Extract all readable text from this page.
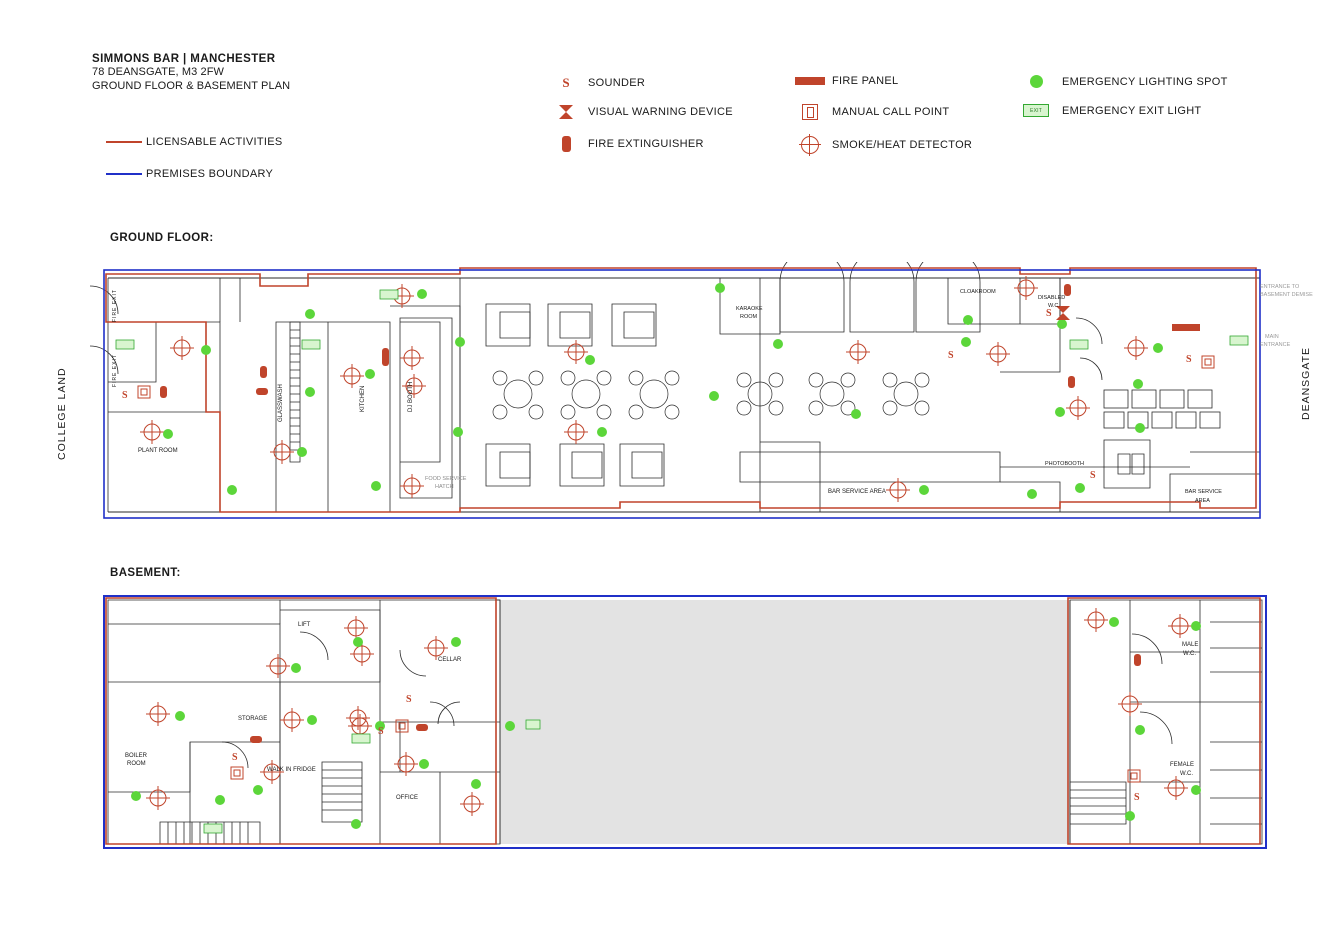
SIMMONS BAR | MANCHESTER
78 DEANSGATE, M3 2FW
GROUND FLOOR & BASEMENT PLAN
LICENSABLE ACTIVITIES
PREMISES BOUNDARY
S SOUNDER
VISUAL WARNING DEVICE
FIRE EXTINGUISHER
FIRE PANEL
MANUAL CALL POINT
SMOKE/HEAT DETECTOR
EMERGENCY LIGHTING SPOT
EXIT	EMERGENCY EXIT LIGHT
GROUND FLOOR:
BASEMENT:
S
S
S
S
S
FIRE EXIT
FIRE EXIT
PLANT ROOM
GLASSWASH	KITCHEN	DJ BOOTH
FOOD SERVICE
HATCH
KARAOKE
ROOM
CLOAKROOM
DISABLED
W.C.
PHOTOBOOTH
BAR SERVICE AREA	BAR SERVICE
AREA
ENTRANCE TO
BASEMENT DEMISE
MAIN
ENTRANCE
COLLEGE LAND	DEANSGATE
S
S
S
S
LIFT
CELLAR
STORAGE
BOILER
ROOM
WALK IN FRIDGE
OFFICE
MALE
W.C.
FEMALE
W.C.
